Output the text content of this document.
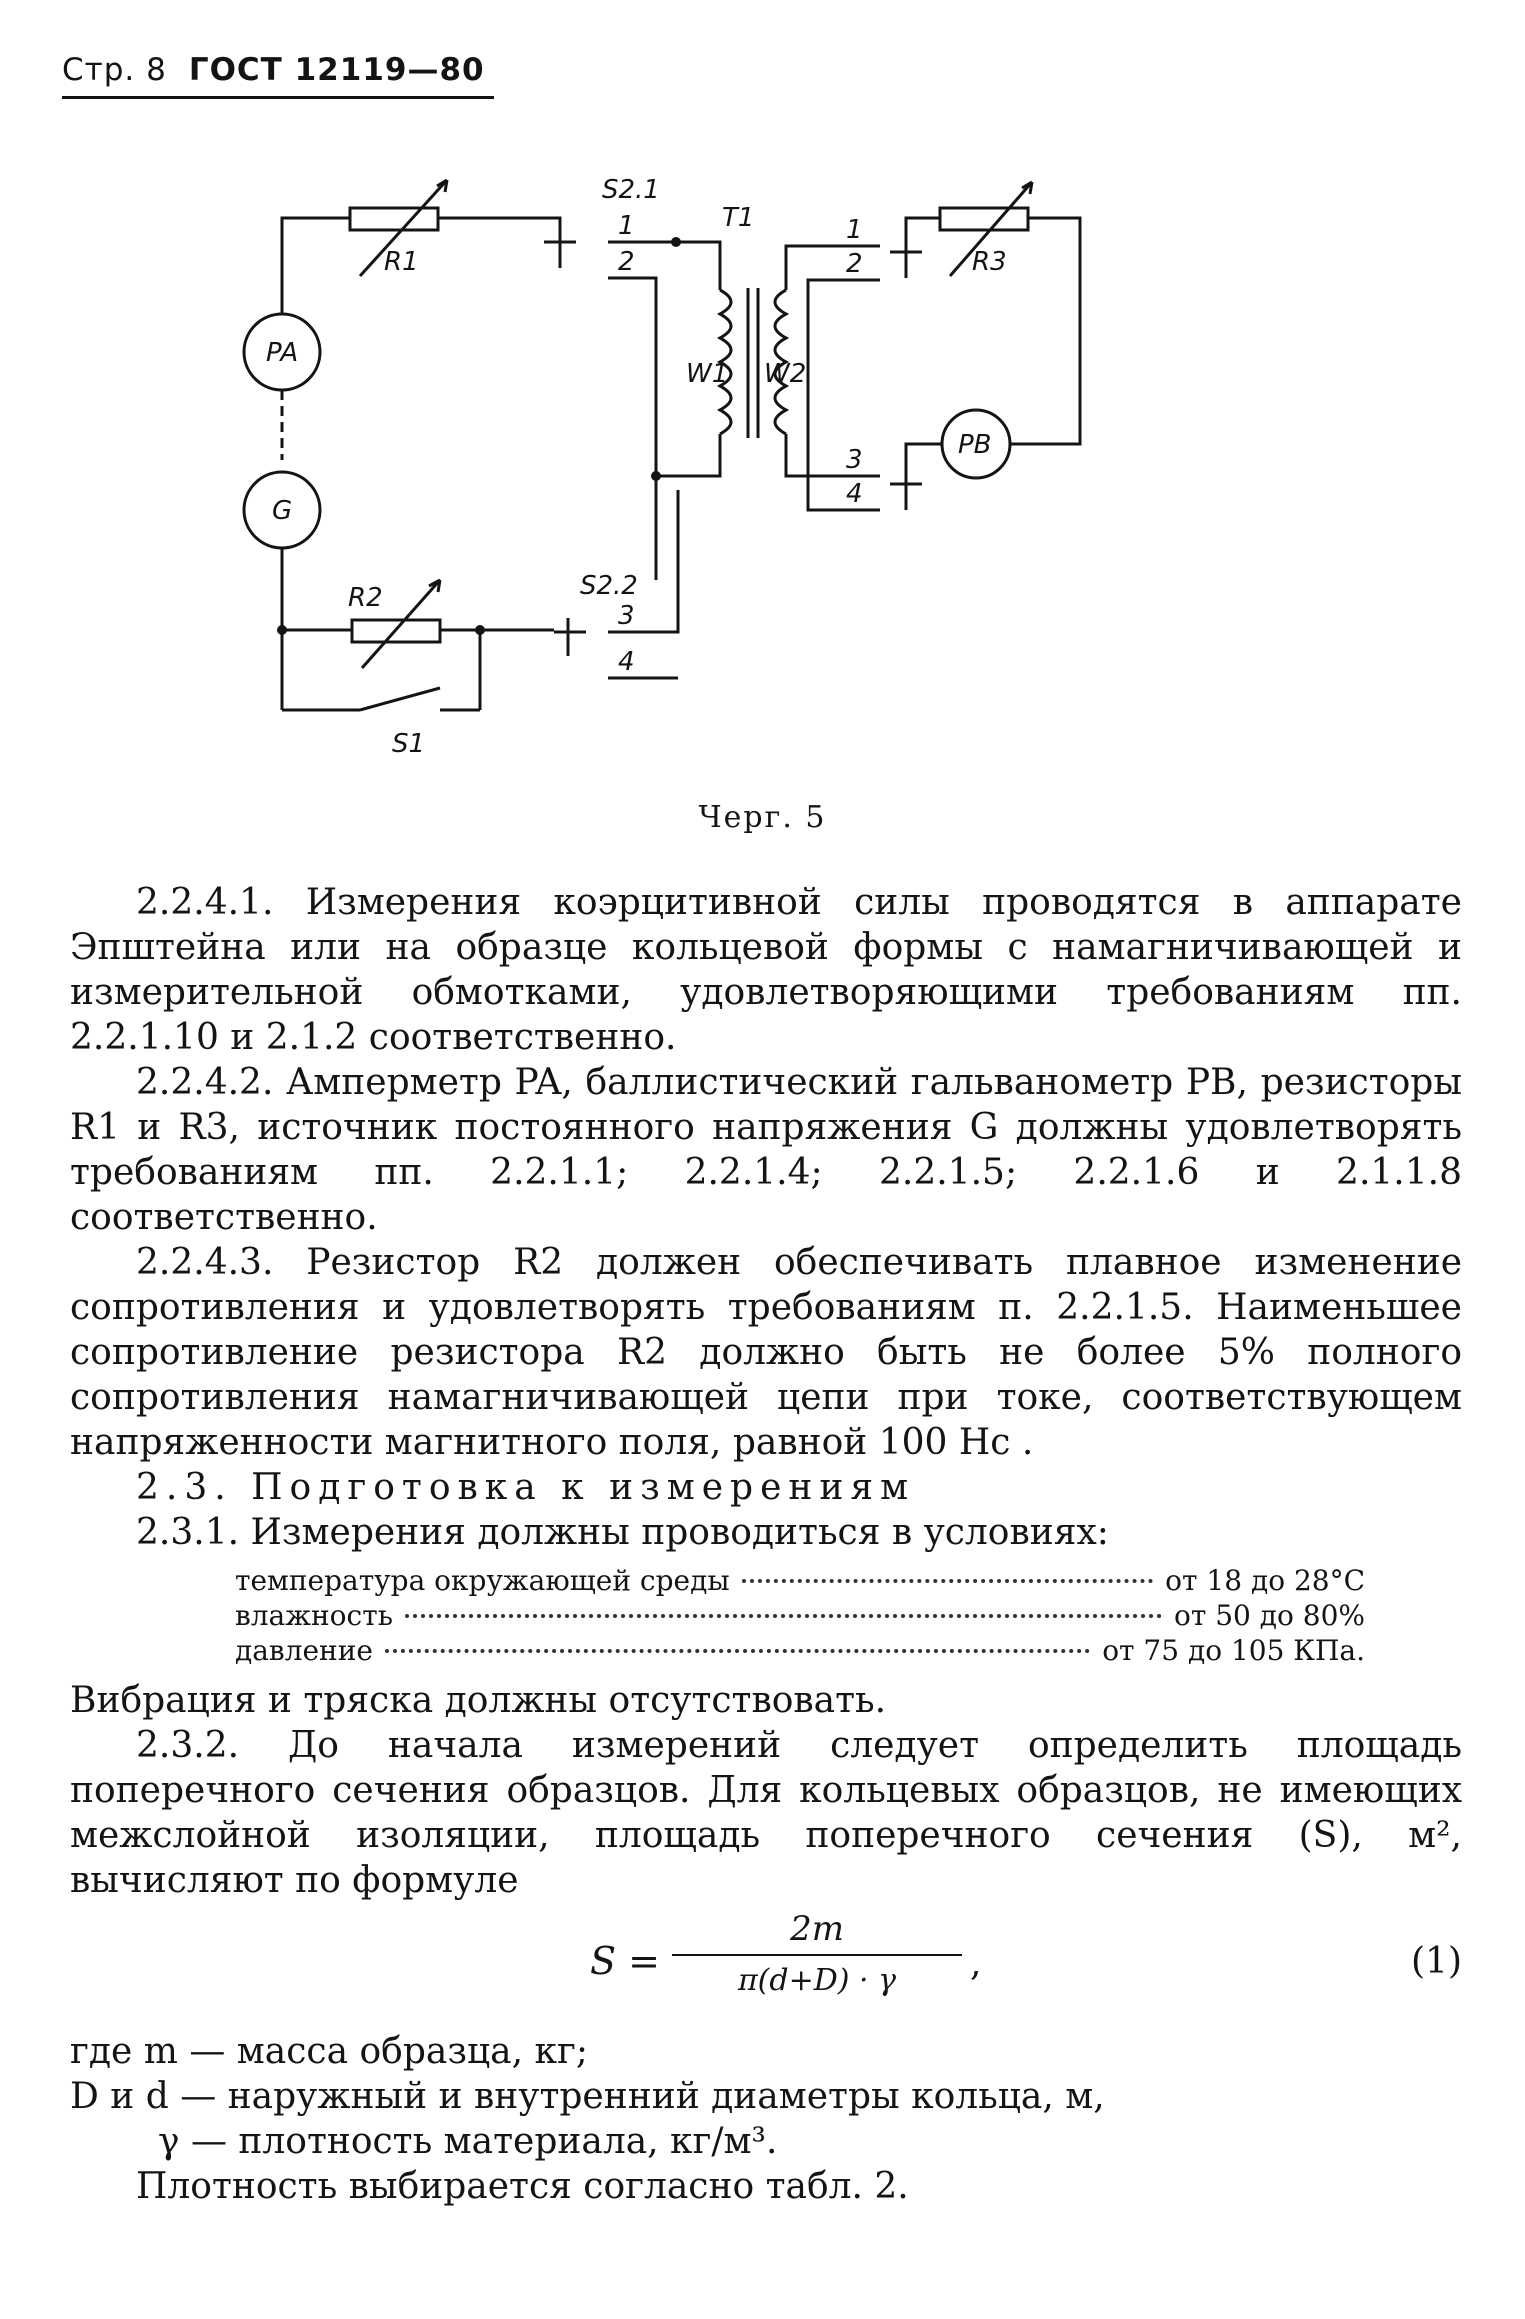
Стр. 8 ГОСТ 12119—80
S2.1
T1
PA
G
R1
R2
R3
S2.2
S1
W1 W2
PB
1
2
3
4
1
2
3
4
Черг. 5

2.2.4.1. Измерения коэрцитивной силы проводятся в аппарате Эпштейна или на образце кольцевой формы с намагничивающей и измерительной обмотками, удовлетворяющими требованиям пп. 2.2.1.10 и 2.1.2 соответственно.

2.2.4.2. Амперметр PA, баллистический гальванометр PB, резисторы R1 и R3, источник постоянного напряжения G должны удовлетворять требованиям пп. 2.2.1.1; 2.2.1.4; 2.2.1.5; 2.2.1.6 и 2.1.1.8 соответственно.

2.2.4.3. Резистор R2 должен обеспечивать плавное изменение сопротивления и удовлетворять требованиям п. 2.2.1.5. Наименьшее сопротивление резистора R2 должно быть не более 5% полного сопротивления намагничивающей цепи при токе, соответствующем напряженности магнитного поля, равной 100 Hc .

2.3. Подготовка к измерениям

2.3.1. Измерения должны проводиться в условиях:

температура окружающей среды	от 18 до 28°C
влажность	от 50 до 80%
давление	от 75 до 105 КПа.

Вибрация и тряска должны отсутствовать.

2.3.2. До начала измерений следует определить площадь поперечного сечения образцов. Для кольцевых образцов, не имеющих межслойной изоляции, площадь поперечного сечения (S), м², вычисляют по формуле

$S = \frac{2m}{\pi(d+D) \cdot \gamma}$ ,	(1)

где m — масса образца, кг;

D и d — наружный и внутренний диаметры кольца, м,

γ — плотность материала, кг/м³.

Плотность выбирается согласно табл. 2.
